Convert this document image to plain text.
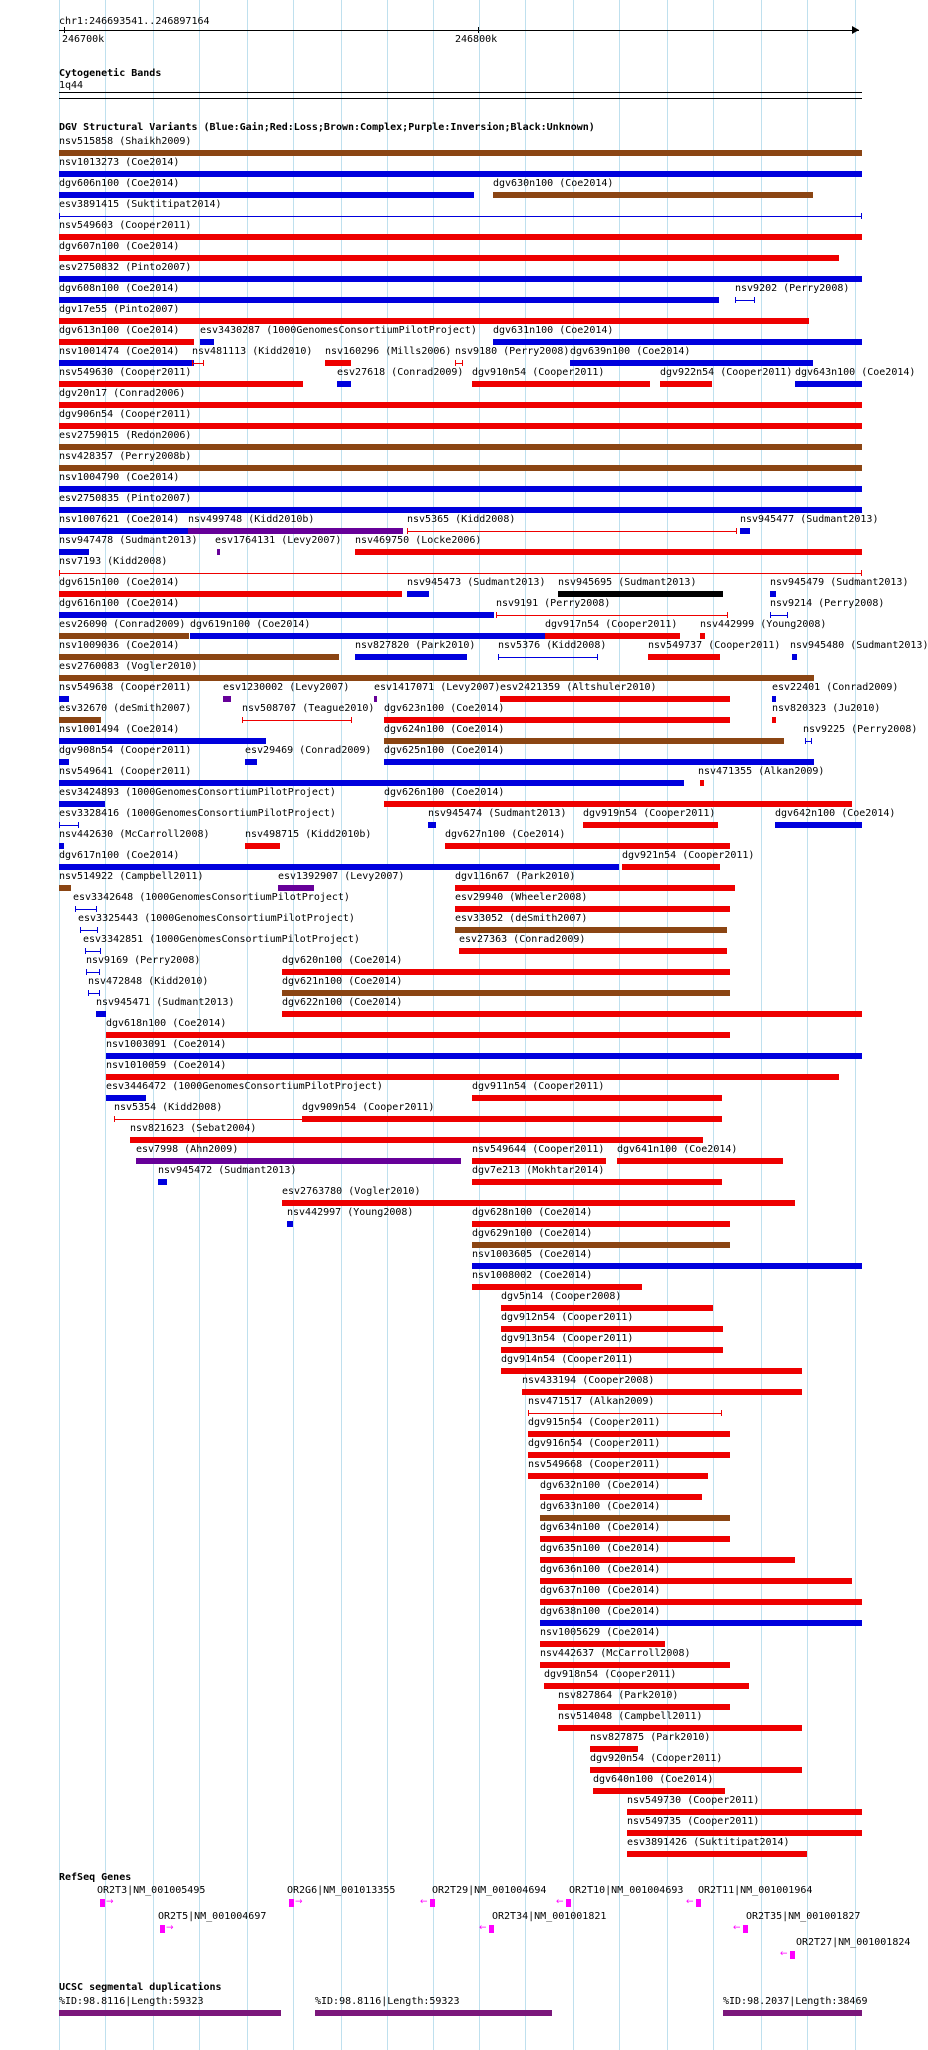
chr1:246693541..246897164
246700k	246800k
Cytogenetic Bands
1q44
DGV Structural Variants (Blue:Gain;Red:Loss;Brown:Complex;Purple:Inversion;Black:Unknown)
nsv515858 (Shaikh2009)
nsv1013273 (Coe2014)
dgv606n100 (Coe2014)	dgv630n100 (Coe2014)
esv3891415 (Suktitipat2014)
nsv549603 (Cooper2011)
dgv607n100 (Coe2014)
esv2750832 (Pinto2007)
dgv608n100 (Coe2014)	nsv9202 (Perry2008)
dgv17e55 (Pinto2007)
dgv613n100 (Coe2014) esv3430287 (1000GenomesConsortiumPilotProject) dgv631n100 (Coe2014)
nsv1001474 (Coe2014) nsv481113 (Kidd2010) nsv160296 (Mills2006) nsv9180 (Perry2008) dgv639n100 (Coe2014)
nsv549630 (Cooper2011)	esv27618 (Conrad2009) dgv910n54 (Cooper2011)	dgv922n54 (Cooper2011) dgv643n100 (Coe2014)
dgv20n17 (Conrad2006)
dgv906n54 (Cooper2011)
esv2759015 (Redon2006)
nsv428357 (Perry2008b)
nsv1004790 (Coe2014)
esv2750835 (Pinto2007)
nsv1007621 (Coe2014) nsv499748 (Kidd2010b)	nsv5365 (Kidd2008)	nsv945477 (Sudmant2013)
nsv947478 (Sudmant2013) esv1764131 (Levy2007) nsv469750 (Locke2006)
nsv7193 (Kidd2008)
dgv615n100 (Coe2014)	nsv945473 (Sudmant2013) nsv945695 (Sudmant2013)	nsv945479 (Sudmant2013)
dgv616n100 (Coe2014)	nsv9191 (Perry2008)	nsv9214 (Perry2008)
esv26090 (Conrad2009) dgv619n100 (Coe2014)	dgv917n54 (Cooper2011) nsv442999 (Young2008)
nsv1009036 (Coe2014)	nsv827820 (Park2010) nsv5376 (Kidd2008)	nsv549737 (Cooper2011) nsv945480 (Sudmant2013)
esv2760083 (Vogler2010)
nsv549638 (Cooper2011)	esv1230002 (Levy2007) esv1417071 (Levy2007) esv2421359 (Altshuler2010)	esv22401 (Conrad2009)
esv32670 (deSmith2007)	nsv508707 (Teague2010) dgv623n100 (Coe2014)	nsv820323 (Ju2010)
nsv1001494 (Coe2014)	dgv624n100 (Coe2014)	nsv9225 (Perry2008)
dgv908n54 (Cooper2011)	esv29469 (Conrad2009) dgv625n100 (Coe2014)
nsv549641 (Cooper2011)	nsv471355 (Alkan2009)
esv3424893 (1000GenomesConsortiumPilotProject)	dgv626n100 (Coe2014)
esv3328416 (1000GenomesConsortiumPilotProject)	nsv945474 (Sudmant2013) dgv919n54 (Cooper2011)	dgv642n100 (Coe2014)
nsv442630 (McCarroll2008)	nsv498715 (Kidd2010b)	dgv627n100 (Coe2014)
dgv617n100 (Coe2014)	dgv921n54 (Cooper2011)
nsv514922 (Campbell2011)	esv1392907 (Levy2007)	dgv116n67 (Park2010)
esv3342648 (1000GenomesConsortiumPilotProject)	esv29940 (Wheeler2008)
esv3325443 (1000GenomesConsortiumPilotProject)	esv33052 (deSmith2007)
esv3342851 (1000GenomesConsortiumPilotProject)	esv27363 (Conrad2009)
nsv9169 (Perry2008)	dgv620n100 (Coe2014)
nsv472848 (Kidd2010)	dgv621n100 (Coe2014)
nsv945471 (Sudmant2013)	dgv622n100 (Coe2014)
dgv618n100 (Coe2014)
nsv1003091 (Coe2014)
nsv1010059 (Coe2014)
esv3446472 (1000GenomesConsortiumPilotProject)	dgv911n54 (Cooper2011)
nsv5354 (Kidd2008)	dgv909n54 (Cooper2011)
nsv821623 (Sebat2004)
esv7998 (Ahn2009)	nsv549644 (Cooper2011) dgv641n100 (Coe2014)
nsv945472 (Sudmant2013)	dgv7e213 (Mokhtar2014)
esv2763780 (Vogler2010)
nsv442997 (Young2008)	dgv628n100 (Coe2014)
dgv629n100 (Coe2014)
nsv1003605 (Coe2014)
nsv1008002 (Coe2014)
dgv5n14 (Cooper2008)
dgv912n54 (Cooper2011)
dgv913n54 (Cooper2011)
dgv914n54 (Cooper2011)
nsv433194 (Cooper2008)
nsv471517 (Alkan2009)
dgv915n54 (Cooper2011)
dgv916n54 (Cooper2011)
nsv549668 (Cooper2011)
dgv632n100 (Coe2014)
dgv633n100 (Coe2014)
dgv634n100 (Coe2014)
dgv635n100 (Coe2014)
dgv636n100 (Coe2014)
dgv637n100 (Coe2014)
dgv638n100 (Coe2014)
nsv1005629 (Coe2014)
nsv442637 (McCarroll2008)
dgv918n54 (Cooper2011)
nsv827864 (Park2010)
nsv514048 (Campbell2011)
nsv827875 (Park2010)
dgv920n54 (Cooper2011)
dgv640n100 (Coe2014)
nsv549730 (Cooper2011)
nsv549735 (Cooper2011)
esv3891426 (Suktitipat2014)
RefSeq Genes
OR2T3|NM_001005495
→
OR2G6|NM_001013355
→
OR2T29|NM_001004694
←
OR2T10|NM_001004693
←
OR2T11|NM_001001964
←
OR2T5|NM_001004697
→
OR2T34|NM_001001821
←
OR2T35|NM_001001827
←
OR2T27|NM_001001824
←
UCSC segmental duplications
%ID:98.8116|Length:59323	%ID:98.8116|Length:59323	%ID:98.2037|Length:38469
